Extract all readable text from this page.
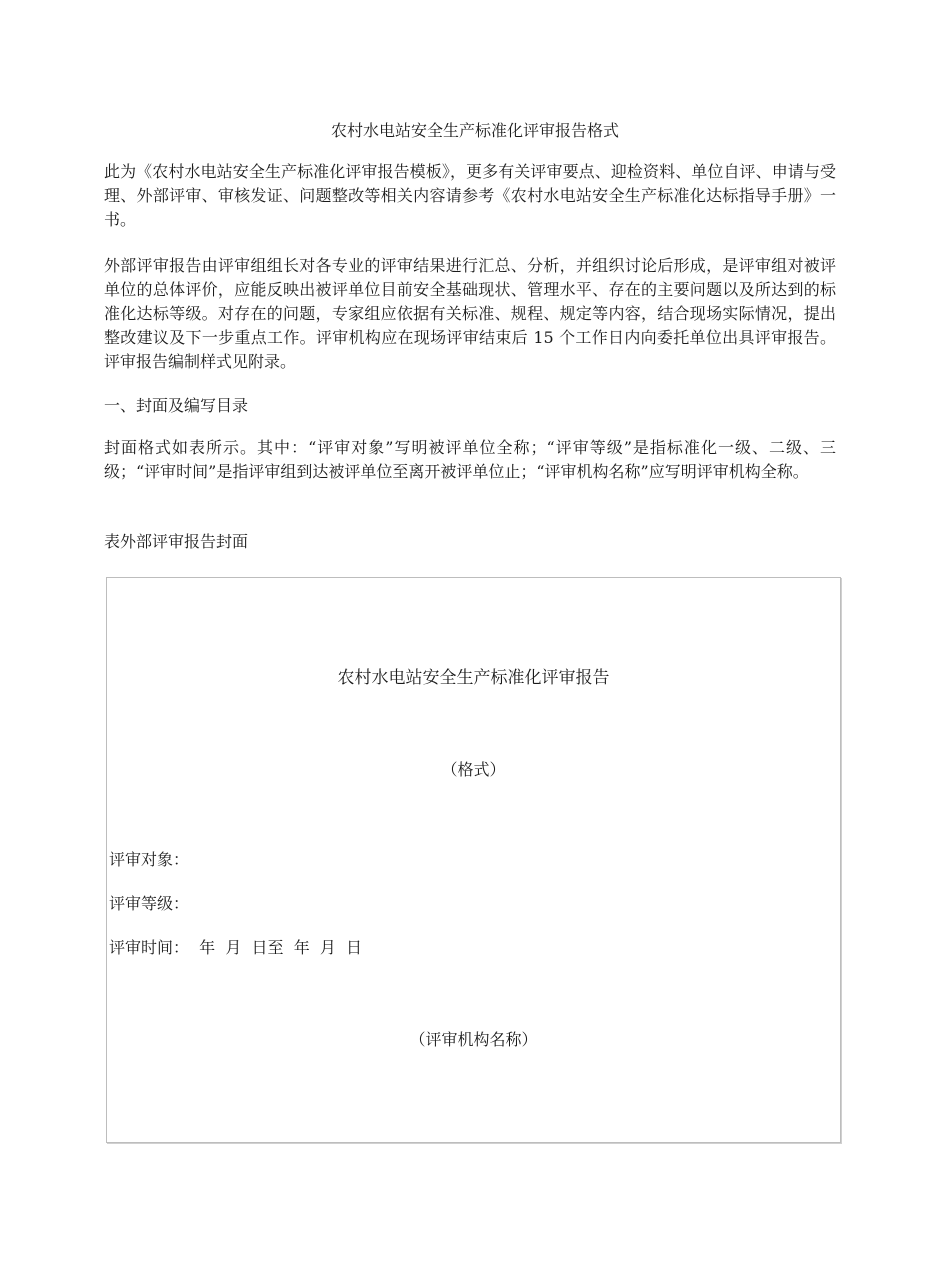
农村水电站安全生产标准化评审报告格式

此为《农村水电站安全生产标准化评审报告模板》，更多有关评审要点、迎检资料、单位自评、申请与受理、外部评审、审核发证、问题整改等相关内容请参考《农村水电站安全生产标准化达标指导手册》一书。

外部评审报告由评审组组长对各专业的评审结果进行汇总、分析，并组织讨论后形成，是评审组对被评单位的总体评价，应能反映出被评单位目前安全基础现状、管理水平、存在的主要问题以及所达到的标准化达标等级。对存在的问题，专家组应依据有关标准、规程、规定等内容，结合现场实际情况，提出整改建议及下一步重点工作。评审机构应在现场评审结束后 15 个工作日内向委托单位出具评审报告。评审报告编制样式见附录。

一、封面及编写目录

封面格式如表所示。其中：“评审对象”写明被评单位全称；“评审等级”是指标准化一级、二级、三级；“评审时间”是指评审组到达被评单位至离开被评单位止；“评审机构名称”应写明评审机构全称。

表外部评审报告封面

农村水电站安全生产标准化评审报告
（格式）
评审对象：
评审等级：
评审时间：  年  月  日至  年  月  日
（评审机构名称）
